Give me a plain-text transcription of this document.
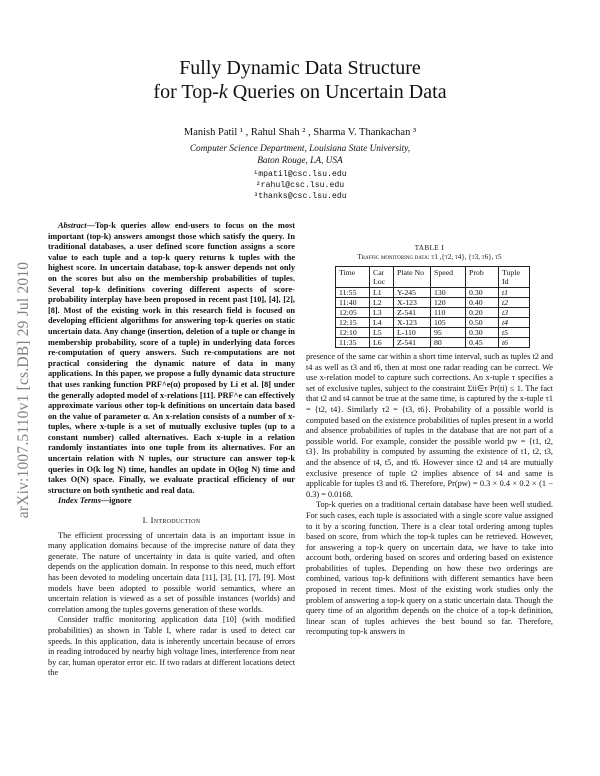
arXiv:1007.5110v1 [cs.DB] 29 Jul 2010
Fully Dynamic Data Structure
for Top-k Queries on Uncertain Data
Manish Patil ¹ , Rahul Shah ² , Sharma V. Thankachan ³
Computer Science Department, Louisiana State University,
Baton Rouge, LA, USA
¹mpatil@csc.lsu.edu
²rahul@csc.lsu.edu
³thanks@csc.lsu.edu

Abstract—Top-k queries allow end-users to focus on the most important (top-k) answers amongst those which satisfy the query. In traditional databases, a user defined score function assigns a score value to each tuple and a top-k query returns k tuples with the highest score. In uncertain database, top-k answer depends not only on the scores but also on the membership probabilities of tuples. Several top-k definitions covering different aspects of score-probability interplay have been proposed in recent past [10], [4], [2], [8]. Most of the existing work in this research field is focused on developing efficient algorithms for answering top-k queries on static uncertain data. Any change (insertion, deletion of a tuple or change in membership probability, score of a tuple) in underlying data forces re-computation of query answers. Such re-computations are not practical considering the dynamic nature of data in many applications. In this paper, we propose a fully dynamic data structure that uses ranking function PRF^e(α) proposed by Li et al. [8] under the generally adopted model of x-relations [11]. PRF^e can effectively approximate various other top-k definitions on uncertain data based on the value of parameter α. An x-relation consists of a number of x-tuples, where x-tuple is a set of mutually exclusive tuples (up to a constant number) called alternatives. Each x-tuple in a relation randomly instantiates into one tuple from its alternatives. For an uncertain relation with N tuples, our structure can answer top-k queries in O(k log N) time, handles an update in O(log N) time and takes O(N) space. Finally, we evaluate practical efficiency of our structure on both synthetic and real data.

Index Terms—ignore

I. Introduction

The efficient processing of uncertain data is an important issue in many application domains because of the imprecise nature of data they generate. The nature of uncertainty in data is quite varied, and often depends on the application domain. In response to this need, much effort has been devoted to modeling uncertain data [11], [3], [1], [7], [9]. Most models have been adopted to possible world semantics, where an uncertain relation is viewed as a set of possible instances (worlds) and correlation among the tuples governs generation of these worlds.

Consider traffic monitoring application data [10] (with modified probabilities) as shown in Table I, where radar is used to detect car speeds. In this application, data is inherently uncertain because of errors in reading introduced by nearby high voltage lines, interference from near by car, human operator error etc. If two radars at different locations detect the

TABLE I
Traffic monitoring data: t1 ,{t2, t4}, {t3, t6}, t5
Time	Car Loc	Plate No	Speed	Prob	Tuple Id
11:55	L1	Y-245	130	0.30	t1
11:40	L2	X-123	120	0.40	t2
12:05	L3	Z-541	110	0.20	t3
12:15	L4	X-123	105	0.50	t4
12:10	L5	L-110	95	0.30	t5
11:35	L6	Z-541	80	0.45	t6

presence of the same car within a short time interval, such as tuples t2 and t4 as well as t3 and t6, then at most one radar reading can be correct. We use x-relation model to capture such corrections. An x-tuple τ specifies a set of exclusive tuples, subject to the constraint Σti∈τ Pr(ti) ≤ 1. The fact that t2 and t4 cannot be true at the same time, is captured by the x-tuple τ1 = {t2, t4}. Similarly τ2 = {t3, t6}. Probability of a possible world is computed based on the existence probabilities of tuples present in a world and absence probabilities of tuples in the database that are not part of a possible world. For example, consider the possible world pw = {t1, t2, t3}. Its probability is computed by assuming the existence of t1, t2, t3, and the absence of t4, t5, and t6. However since t2 and t4 are mutually exclusive presence of tuple t2 implies absence of t4 and same is applicable for tuples t3 and t6. Therefore, Pr(pw) = 0.3 × 0.4 × 0.2 × (1 − 0.3) = 0.0168.

Top-k queries on a traditional certain database have been well studied. For such cases, each tuple is associated with a single score value assigned to it by a scoring function. There is a clear total ordering among tuples based on score, from which the top-k tuples can be retrieved. However, for answering a top-k query on uncertain data, we have to take into account both, ordering based on scores and ordering based on existence probabilities of tuples. Depending on how these two orderings are combined, various top-k definitions with different semantics have been proposed in recent times. Most of the existing work studies only the problem of answering a top-k query on a static uncertain data. Though the query time of an algorithm depends on the choice of a top-k definition, linear scan of tuples achieves the best bound so far. Therefore, recomputing top-k answers in
